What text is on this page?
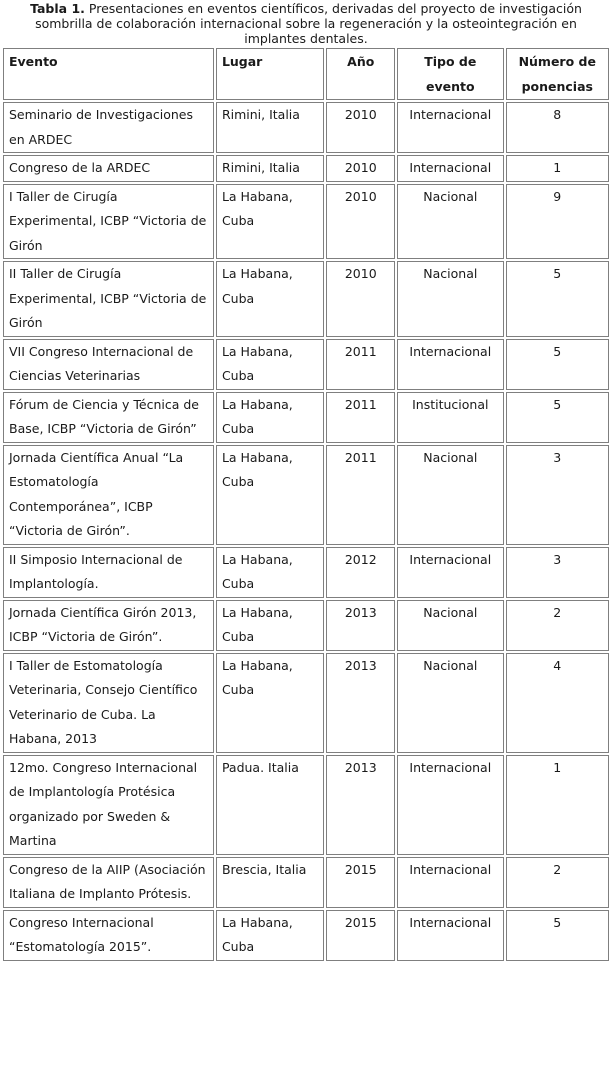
Tabla 1. Presentaciones en eventos científicos, derivadas del proyecto de investigación sombrilla de colaboración internacional sobre la regeneración y la osteointegración en implantes dentales.
Evento	Lugar	Año	Tipo de evento	Número de ponencias
Seminario de Investigaciones en ARDEC	Rimini, Italia	2010	Internacional	8
Congreso de la ARDEC	Rimini, Italia	2010	Internacional	1
I Taller de Cirugía Experimental, ICBP “Victoria de Girón	La Habana, Cuba	2010	Nacional	9
II Taller de Cirugía Experimental, ICBP “Victoria de Girón	La Habana, Cuba	2010	Nacional	5
VII Congreso Internacional de Ciencias Veterinarias	La Habana, Cuba	2011	Internacional	5
Fórum de Ciencia y Técnica de Base, ICBP “Victoria de Girón”	La Habana, Cuba	2011	Institucional	5
Jornada Científica Anual “La Estomatología Contemporánea”, ICBP “Victoria de Girón”.	La Habana, Cuba	2011	Nacional	3
II Simposio Internacional de Implantología.	La Habana, Cuba	2012	Internacional	3
Jornada Científica Girón 2013, ICBP “Victoria de Girón”.	La Habana, Cuba	2013	Nacional	2
I Taller de Estomatología Veterinaria, Consejo Científico Veterinario de Cuba. La Habana, 2013	La Habana, Cuba	2013	Nacional	4
12mo. Congreso Internacional de Implantología Protésica organizado por Sweden & Martina	Padua. Italia	2013	Internacional	1
Congreso de la AIIP (Asociación Italiana de Implanto Prótesis.	Brescia, Italia	2015	Internacional	2
Congreso Internacional “Estomatología 2015”.	La Habana, Cuba	2015	Internacional	5
